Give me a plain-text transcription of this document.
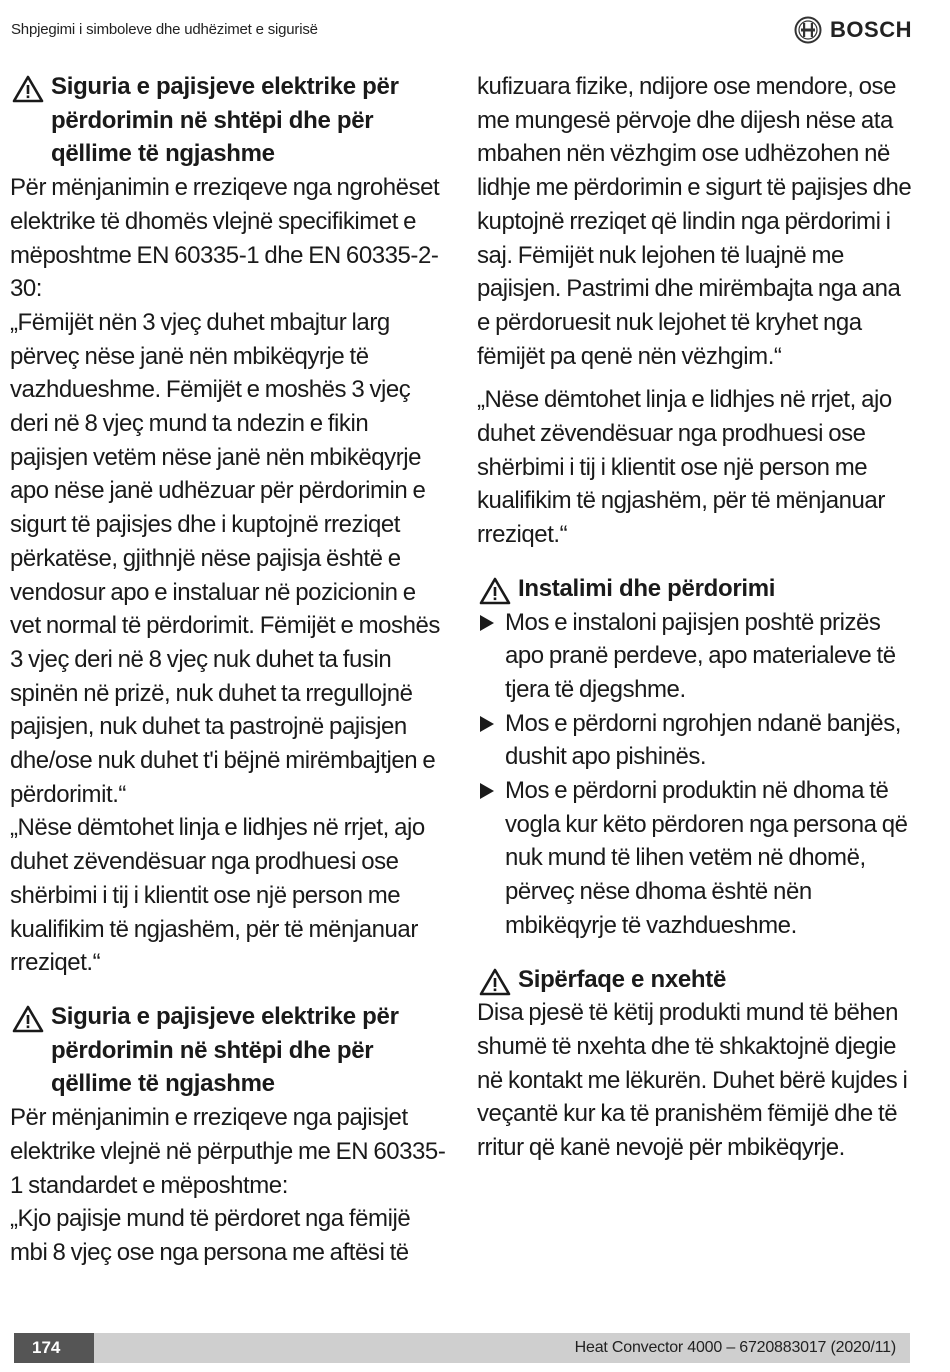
Shpjegimi i simboleve dhe udhëzimet e sigurisë	BOSCH
Siguria e pajisjeve elektrike për përdorimin në shtëpi dhe për qëllime të ngjashme

Për mënjanimin e rreziqeve nga ngrohëset elektrike të dhomës vlejnë specifikimet e mëposhtme EN 60335-1 dhe EN 60335-2-30:

„Fëmijët nën 3 vjeç duhet mbajtur larg përveç nëse janë nën mbikëqyrje të vazhdueshme. Fëmijët e moshës 3 vjeç deri në 8 vjeç mund ta ndezin e fikin pajisjen vetëm nëse janë nën mbikëqyrje apo nëse janë udhëzuar për përdorimin e sigurt të pajisjes dhe i kuptojnë rreziqet përkatëse, gjithnjë nëse pajisja është e vendosur apo e instaluar në pozicionin e vet normal të përdorimit. Fëmijët e moshës 3 vjeç deri në 8 vjeç nuk duhet ta fusin spinën në prizë, nuk duhet ta rregullojnë pajisjen, nuk duhet ta pastrojnë pajisjen dhe/ose nuk duhet t'i bëjnë mirëmbajtjen e përdorimit.“

„Nëse dëmtohet linja e lidhjes në rrjet, ajo duhet zëvendësuar nga prodhuesi ose shërbimi i tij i klientit ose një person me kualifikim të ngjashëm, për të mënjanuar rreziqet.“

Siguria e pajisjeve elektrike për përdorimin në shtëpi dhe për qëllime të ngjashme

Për mënjanimin e rreziqeve nga pajisjet elektrike vlejnë në përputhje me EN 60335-1 standardet e mëposhtme:

„Kjo pajisje mund të përdoret nga fëmijë mbi 8 vjeç ose nga persona me aftësi të

kufizuara fizike, ndijore ose mendore, ose me mungesë përvoje dhe dijesh nëse ata mbahen nën vëzhgim ose udhëzohen në lidhje me përdorimin e sigurt të pajisjes dhe kuptojnë rreziqet që lindin nga përdorimi i saj. Fëmijët nuk lejohen të luajnë me pajisjen. Pastrimi dhe mirëmbajta nga ana e përdoruesit nuk lejohet të kryhet nga fëmijët pa qenë nën vëzhgim.“

„Nëse dëmtohet linja e lidhjes në rrjet, ajo duhet zëvendësuar nga prodhuesi ose shërbimi i tij i klientit ose një person me kualifikim të ngjashëm, për të mënjanuar rreziqet.“

Instalimi dhe përdorimi
Mos e instaloni pajisjen poshtë prizës apo pranë perdeve, apo materialeve të tjera të djegshme.
Mos e përdorni ngrohjen ndanë banjës, dushit apo pishinës.
Mos e përdorni produktin në dhoma të vogla kur këto përdoren nga persona që nuk mund të lihen vetëm në dhomë, përveç nëse dhoma është nën mbikëqyrje të vazhdueshme.
Sipërfaqe e nxehtë

Disa pjesë të këtij produkti mund të bëhen shumë të nxehta dhe të shkaktojnë djegie në kontakt me lëkurën. Duhet bërë kujdes i veçantë kur ka të pranishëm fëmijë dhe të rritur që kanë nevojë për mbikëqyrje.

174	Heat Convector 4000 – 6720883017 (2020/11)
